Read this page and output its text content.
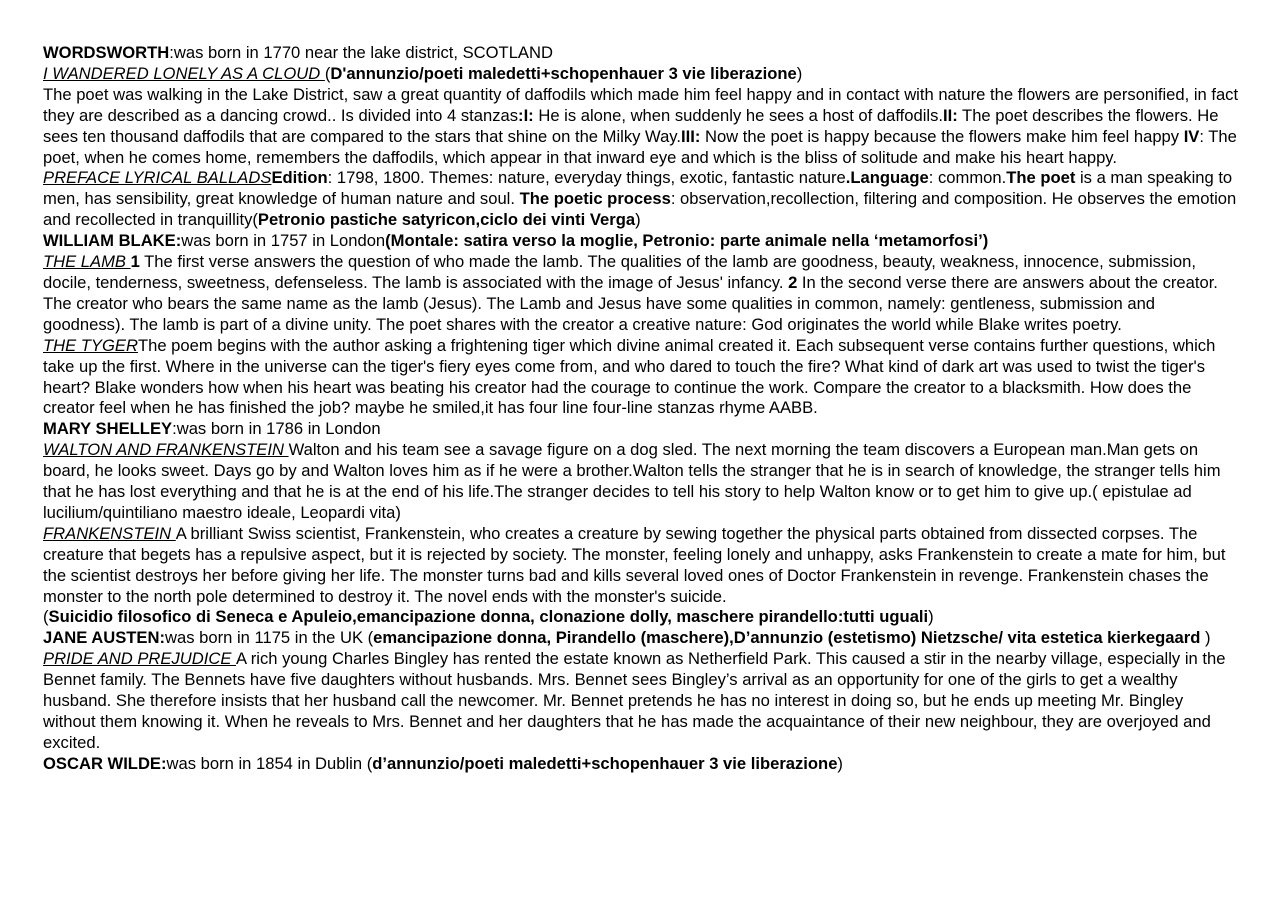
WORDSWORTH:was born in 1770 near the lake district, SCOTLAND
I WANDERED LONELY AS A CLOUD (D'annunzio/poeti maledetti+schopenhauer 3 vie liberazione)
The poet was walking in the Lake District, saw a great quantity of daffodils which made him feel happy and in contact with nature the flowers are personified, in fact they are described as a dancing crowd.. Is divided into 4 stanzas:I: He is alone, when suddenly he sees a host of daffodils.II: The poet describes the flowers. He sees ten thousand daffodils that are compared to the stars that shine on the Milky Way.III: Now the poet is happy because the flowers make him feel happy IV: The poet, when he comes home, remembers the daffodils, which appear in that inward eye and which is the bliss of solitude and make his heart happy.
PREFACE LYRICAL BALLADSEdition: 1798, 1800. Themes: nature, everyday things, exotic, fantastic nature.Language: common.The poet is a man speaking to men, has sensibility, great knowledge of human nature and soul. The poetic process: observation,recollection, filtering and composition. He observes the emotion and recollected in tranquillity(Petronio pastiche satyricon,ciclo dei vinti Verga)
WILLIAM BLAKE:was born in 1757 in London(Montale: satira verso la moglie, Petronio: parte animale nella ‘metamorfosi’)
THE LAMB 1 The first verse answers the question of who made the lamb. The qualities of the lamb are goodness, beauty, weakness, innocence, submission, docile, tenderness, sweetness, defenseless. The lamb is associated with the image of Jesus' infancy. 2 In the second verse there are answers about the creator. The creator who bears the same name as the lamb (Jesus). The Lamb and Jesus have some qualities in common, namely: gentleness, submission and goodness). The lamb is part of a divine unity. The poet shares with the creator a creative nature: God originates the world while Blake writes poetry.
THE TYGERThe poem begins with the author asking a frightening tiger which divine animal created it. Each subsequent verse contains further questions, which take up the first. Where in the universe can the tiger's fiery eyes come from, and who dared to touch the fire? What kind of dark art was used to twist the tiger's heart? Blake wonders how when his heart was beating his creator had the courage to continue the work. Compare the creator to a blacksmith. How does the creator feel when he has finished the job? maybe he smiled,it has four line four-line stanzas rhyme AABB.
MARY SHELLEY:was born in 1786 in London
WALTON AND FRANKENSTEIN Walton and his team see a savage figure on a dog sled. The next morning the team discovers a European man.Man gets on board, he looks sweet. Days go by and Walton loves him as if he were a brother.Walton tells the stranger that he is in search of knowledge, the stranger tells him that he has lost everything and that he is at the end of his life.The stranger decides to tell his story to help Walton know or to get him to give up.( epistulae ad lucilium/quintiliano maestro ideale, Leopardi vita)
FRANKENSTEIN A brilliant Swiss scientist, Frankenstein, who creates a creature by sewing together the physical parts obtained from dissected corpses. The creature that begets has a repulsive aspect, but it is rejected by society. The monster, feeling lonely and unhappy, asks Frankenstein to create a mate for him, but the scientist destroys her before giving her life. The monster turns bad and kills several loved ones of Doctor Frankenstein in revenge. Frankenstein chases the monster to the north pole determined to destroy it. The novel ends with the monster's suicide.
(Suicidio filosofico di Seneca e Apuleio,emancipazione donna, clonazione dolly, maschere pirandello:tutti uguali)
JANE AUSTEN:was born in 1175 in the UK (emancipazione donna, Pirandello (maschere),D’annunzio (estetismo) Nietzsche/ vita estetica kierkegaard )
PRIDE AND PREJUDICE A rich young Charles Bingley has rented the estate known as Netherfield Park. This caused a stir in the nearby village, especially in the Bennet family. The Bennets have five daughters without husbands. Mrs. Bennet sees Bingley’s arrival as an opportunity for one of the girls to get a wealthy husband. She therefore insists that her husband call the newcomer. Mr. Bennet pretends he has no interest in doing so, but he ends up meeting Mr. Bingley without them knowing it. When he reveals to Mrs. Bennet and her daughters that he has made the acquaintance of their new neighbour, they are overjoyed and excited.
OSCAR WILDE:was born in 1854 in Dublin (d’annunzio/poeti maledetti+schopenhauer 3 vie liberazione)
